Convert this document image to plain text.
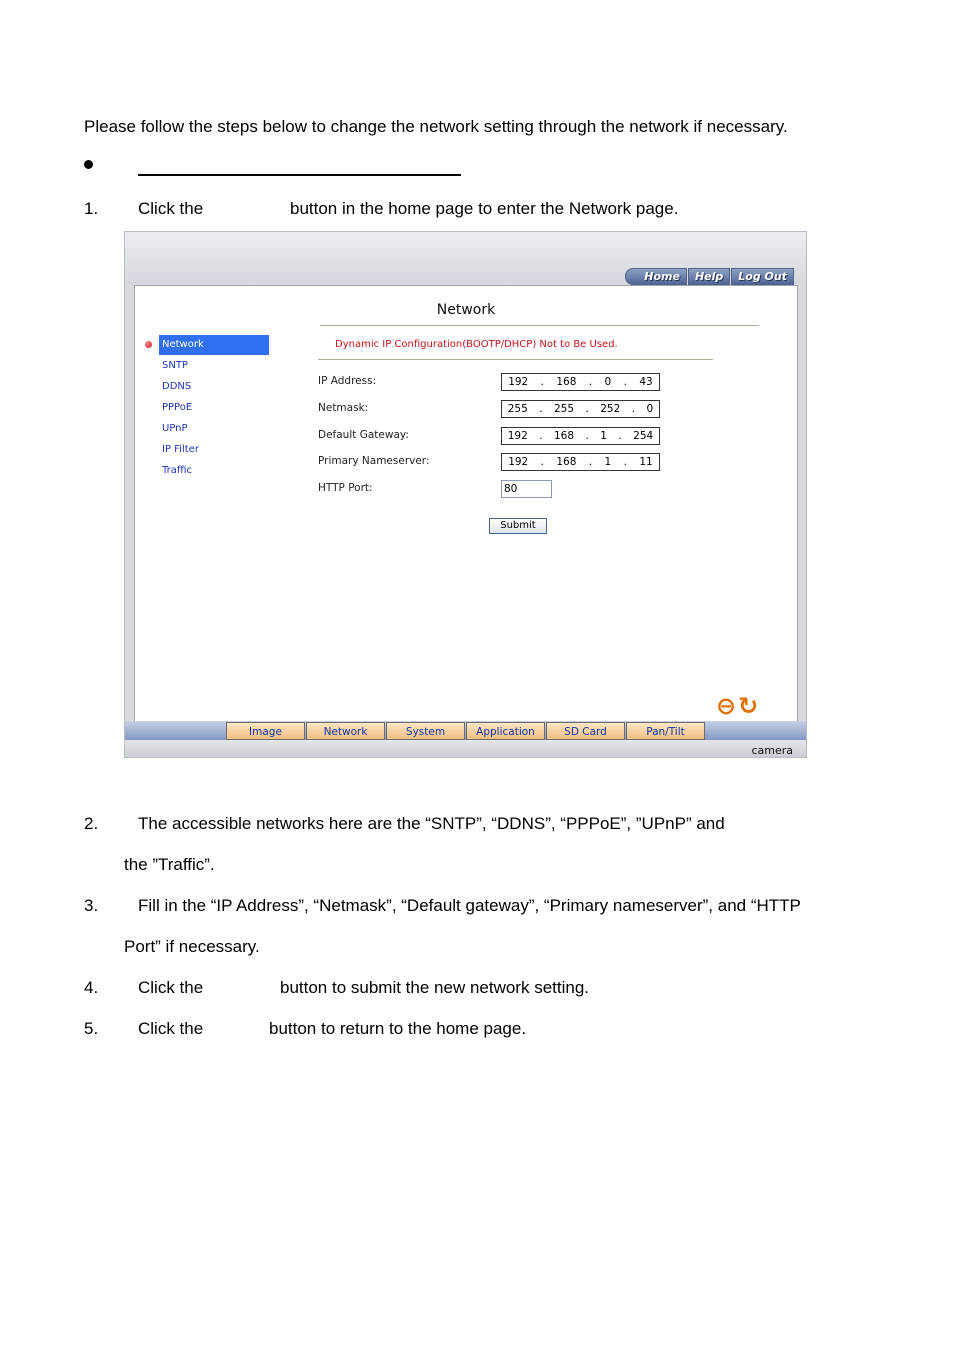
Please follow the steps below to change the network setting through the network if necessary.
1. Click the	button in the home page to enter the Network page.
Home	Help	Log Out
Network
Network
SNTP
DDNS
PPPoE
UPnP
IP Filter
Traffic
Dynamic IP Configuration(BOOTP/DHCP) Not to Be Used.
IP Address:	192 . 168 . 0 . 43
Netmask:	255 . 255 . 252 . 0
Default Gateway:	192 . 168 . 1 . 254
Primary Nameserver:	192 . 168 . 1 . 11
HTTP Port:	80
Submit
⊖ ↻
Image	Network	System	Application	SD Card	Pan/Tilt
camera
2. The accessible networks here are the “SNTP”, “DDNS”, “PPPoE”, ”UPnP” and
the ”Traffic”.
3. Fill in the “IP Address”, “Netmask”, “Default gateway”, “Primary nameserver”, and “HTTP
Port” if necessary.
4. Click the	button to submit the new network setting.
5. Click the	button to return to the home page.
